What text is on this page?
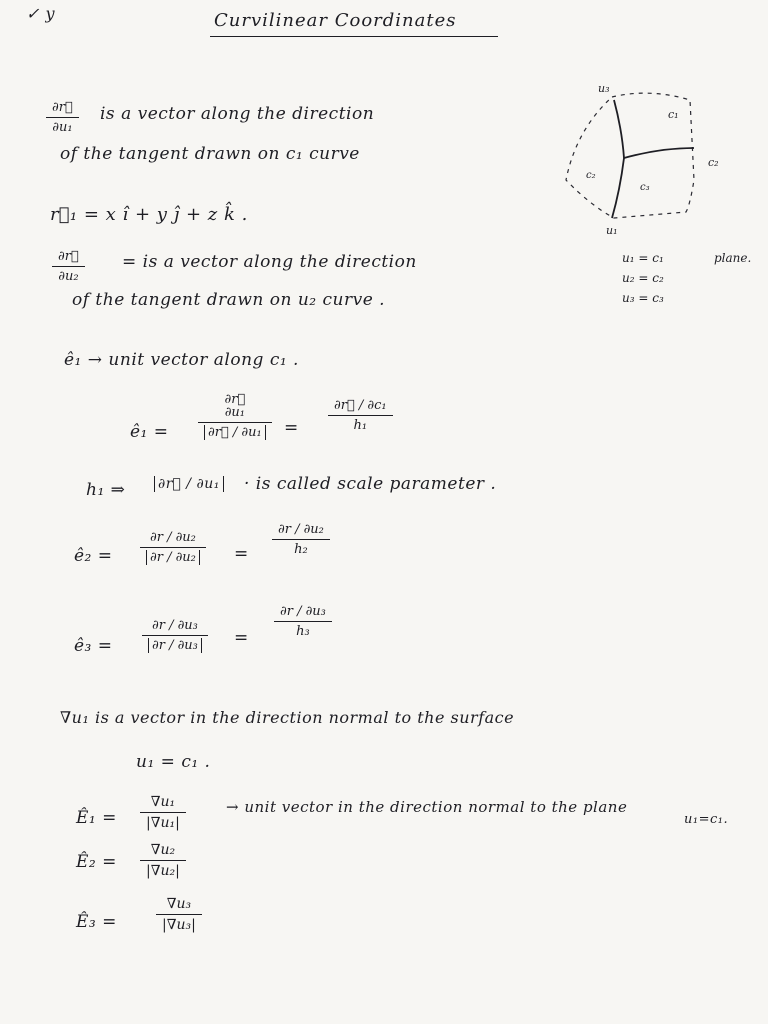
✓ y	Curvilinear Coordinates
∂r⃗
∂u₁
is a vector along the direction
of the tangent drawn on c₁ curve
r⃗₁ = x î + y ĵ + z k̂ .
∂r⃗
∂u₂
= is a vector along the direction
of the tangent drawn on u₂ curve .
ê₁ → unit vector along c₁ .
ê₁ =
∂r⃗
∂u₁
∂r⃗ / ∂u₁	=
∂r⃗ / ∂c₁
h₁
h₁ ⇒ ∂r⃗ / ∂u₁ · is called scale parameter .
ê₂ =
∂r / ∂u₂
∂r / ∂u₂	=
∂r / ∂u₂
h₂
ê₃ =
∂r / ∂u₃
∂r / ∂u₃	=
∂r / ∂u₃
h₃
∇u₁ is a vector in the direction normal to the surface
u₁ = c₁ .
Ê₁ =
∇u₁
|∇u₁|
→ unit vector in the direction normal to the plane
u₁=c₁.
Ê₂ =
∇u₂
|∇u₂|
Ê₃ =
∇u₃
|∇u₃|
u₃
c₁
c₂
c₂
c₃
u₁
u₁ = c₁	plane.
u₂ = c₂
u₃ = c₃
